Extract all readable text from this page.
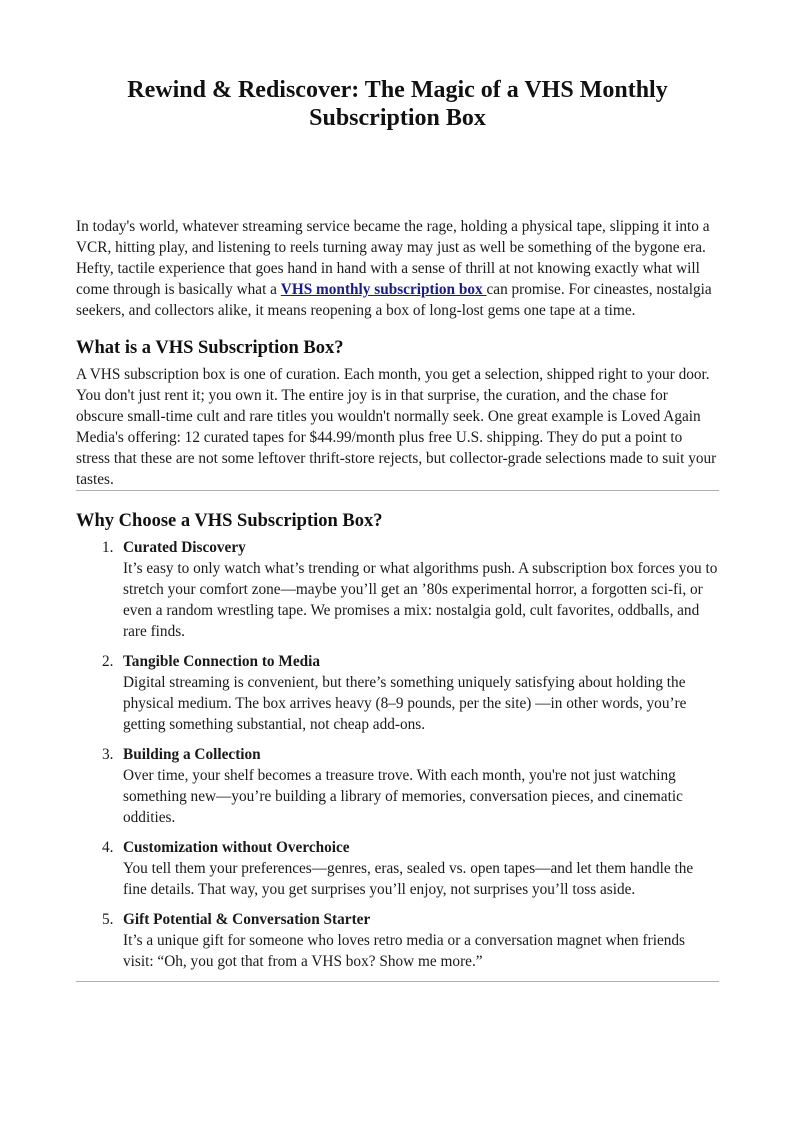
Rewind & Rediscover: The Magic of a VHS Monthly Subscription Box

In today's world, whatever streaming service became the rage, holding a physical tape, slipping it into a VCR, hitting play, and listening to reels turning away may just as well be something of the bygone era. Hefty, tactile experience that goes hand in hand with a sense of thrill at not knowing exactly what will come through is basically what a VHS monthly subscription box can promise. For cineastes, nostalgia seekers, and collectors alike, it means reopening a box of long-lost gems one tape at a time.

What is a VHS Subscription Box?

A VHS subscription box is one of curation. Each month, you get a selection, shipped right to your door. You don't just rent it; you own it. The entire joy is in that surprise, the curation, and the chase for obscure small-time cult and rare titles you wouldn't normally seek. One great example is Loved Again Media's offering: 12 curated tapes for $44.99/month plus free U.S. shipping. They do put a point to stress that these are not some leftover thrift-store rejects, but collector-grade selections made to suit your tastes.

Why Choose a VHS Subscription Box?
1. Curated Discovery
It’s easy to only watch what’s trending or what algorithms push. A subscription box forces you to stretch your comfort zone—maybe you’ll get an ’80s experimental horror, a forgotten sci-fi, or even a random wrestling tape. We promises a mix: nostalgia gold, cult favorites, oddballs, and rare finds.
2. Tangible Connection to Media
Digital streaming is convenient, but there’s something uniquely satisfying about holding the physical medium. The box arrives heavy (8–9 pounds, per the site) —in other words, you’re getting something substantial, not cheap add-ons.
3. Building a Collection
Over time, your shelf becomes a treasure trove. With each month, you're not just watching something new—you’re building a library of memories, conversation pieces, and cinematic oddities.
4. Customization without Overchoice
You tell them your preferences—genres, eras, sealed vs. open tapes—and let them handle the fine details. That way, you get surprises you’ll enjoy, not surprises you’ll toss aside.
5. Gift Potential & Conversation Starter
It’s a unique gift for someone who loves retro media or a conversation magnet when friends visit: “Oh, you got that from a VHS box? Show me more.”
